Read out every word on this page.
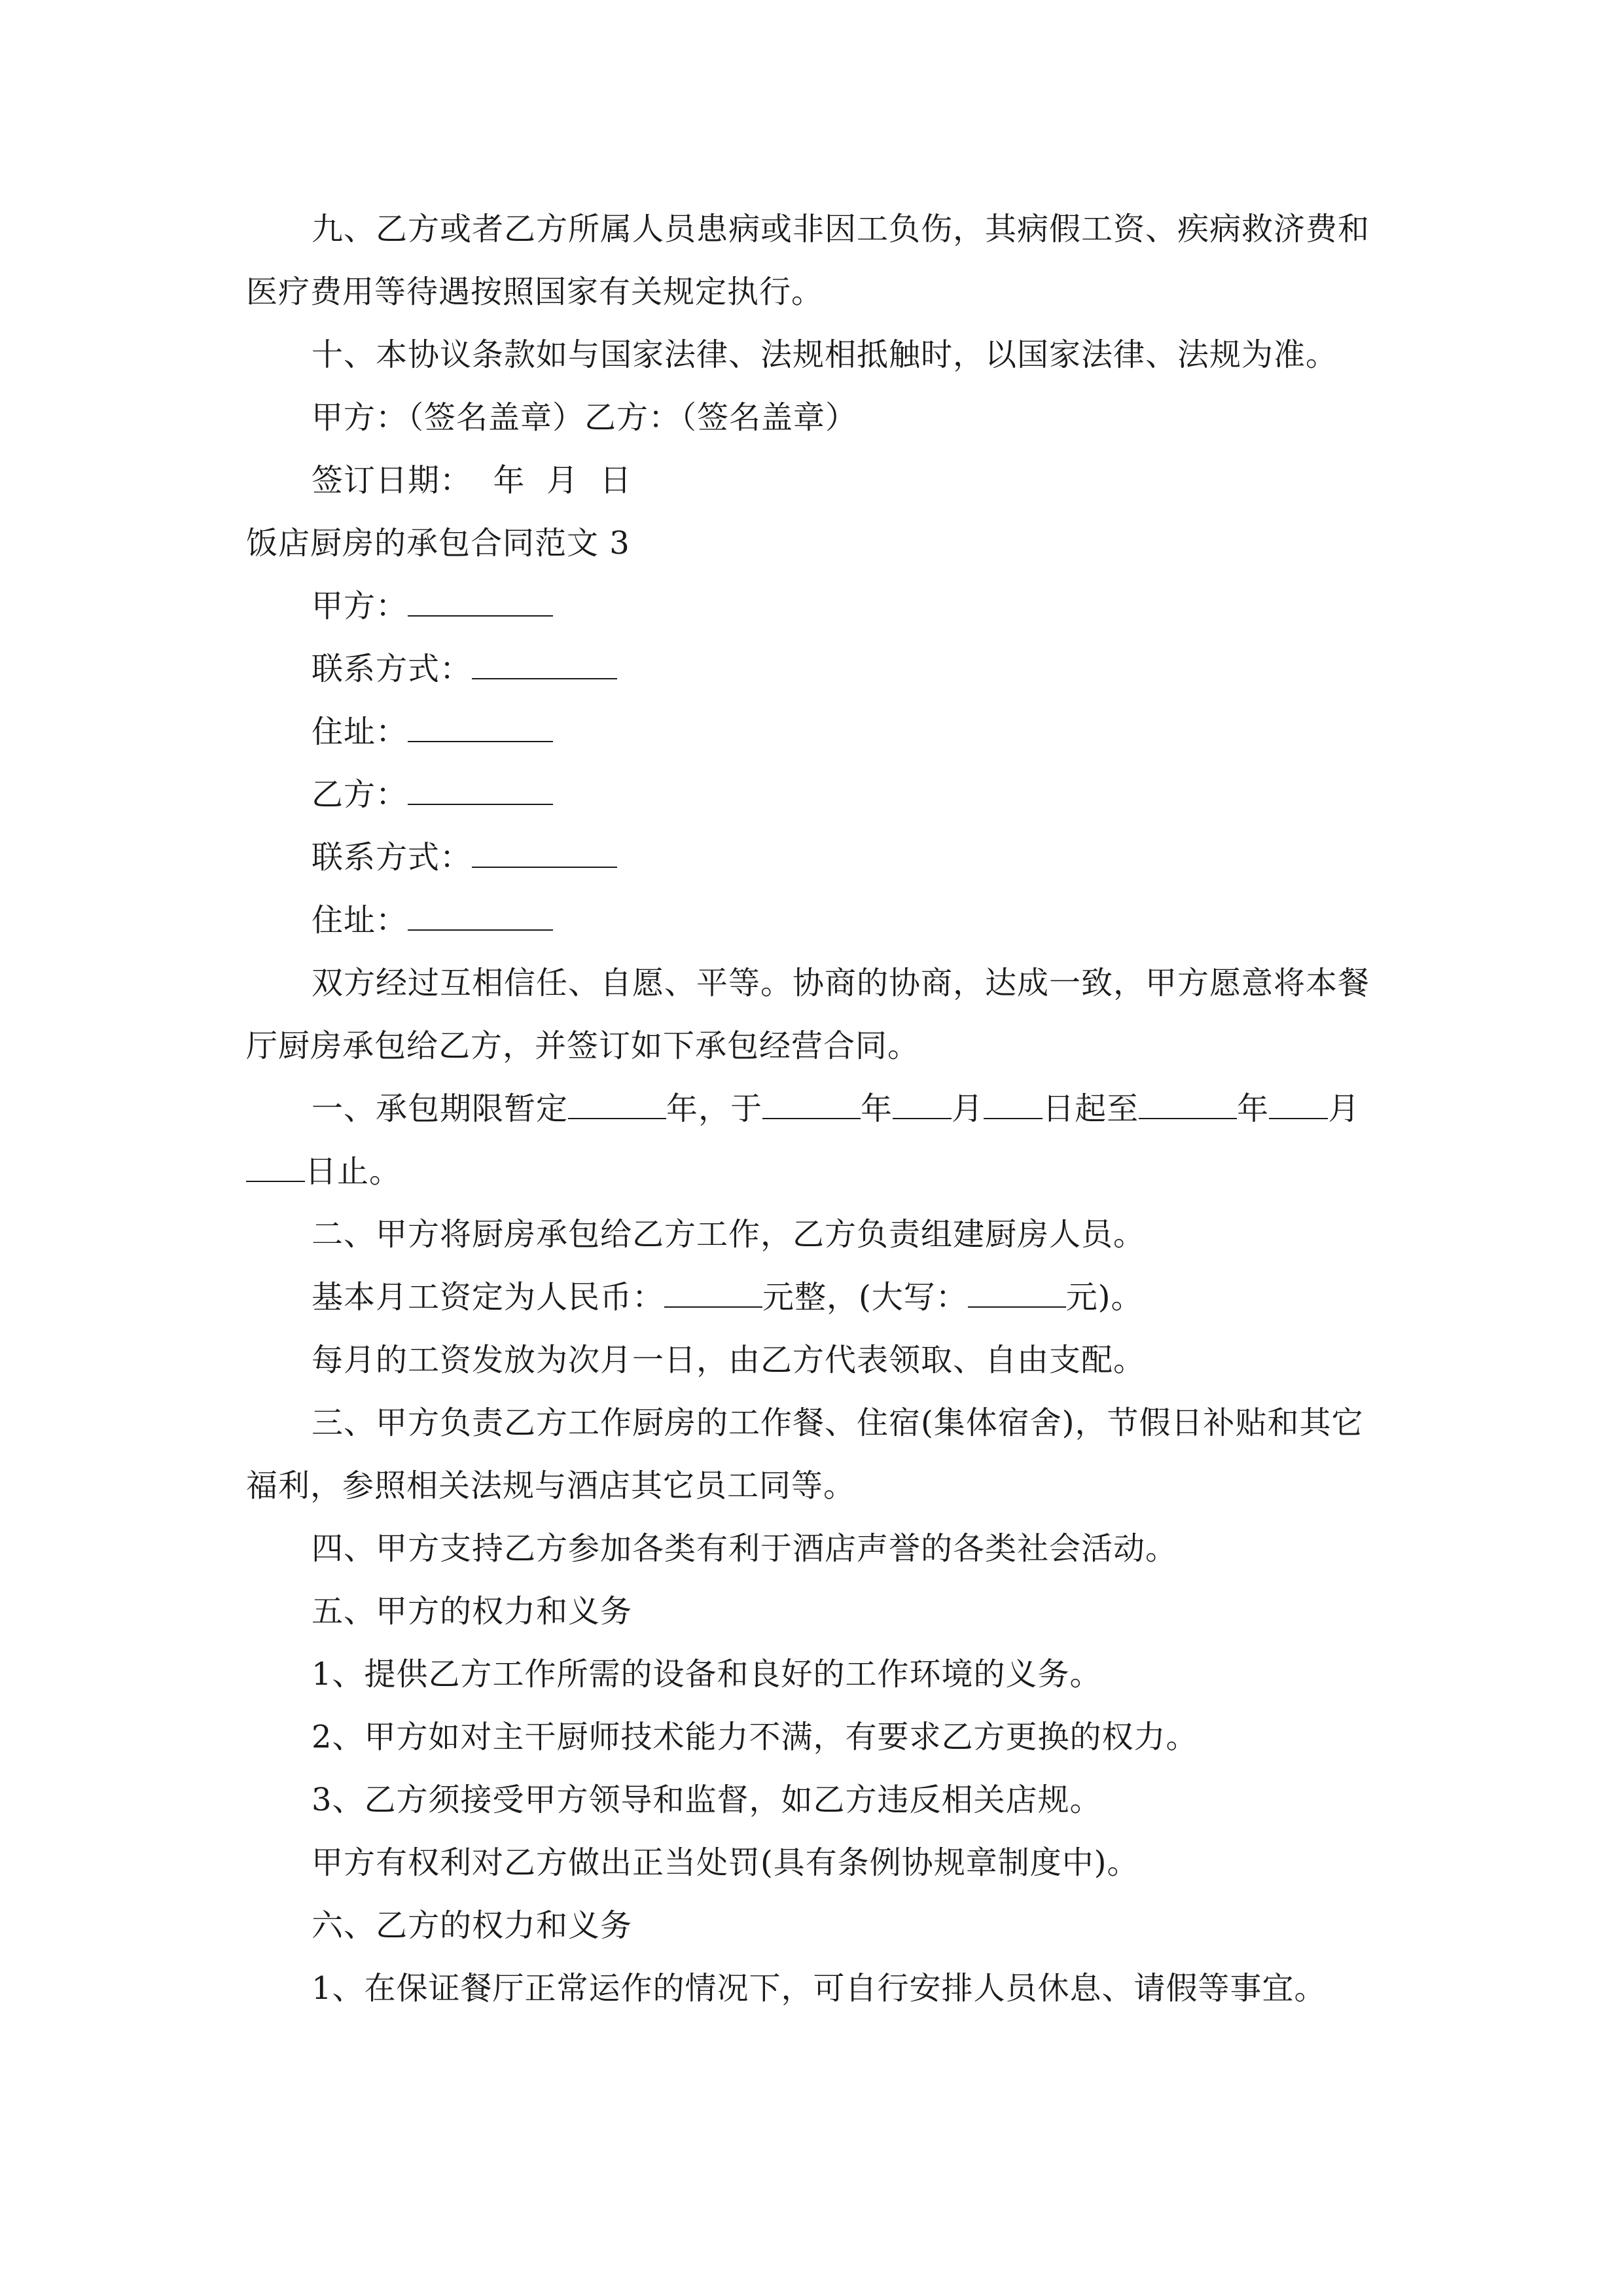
九、乙方或者乙方所属人员患病或非因工负伤，其病假工资、疾病救济费和

医疗费用等待遇按照国家有关规定执行。

十、本协议条款如与国家法律、法规相抵触时，以国家法律、法规为准。

甲方：（签名盖章）乙方：（签名盖章）

签订日期：  年  月  日

饭店厨房的承包合同范文 3

甲方：

联系方式：

住址：

乙方：

联系方式：

住址：

双方经过互相信任、自愿、平等。协商的协商，达成一致，甲方愿意将本餐

厅厨房承包给乙方，并签订如下承包经营合同。

一、承包期限暂定	年，于	年 月 日起至	年 月

日止。

二、甲方将厨房承包给乙方工作，乙方负责组建厨房人员。

基本月工资定为人民币：	元整，(大写：	元)。

每月的工资发放为次月一日，由乙方代表领取、自由支配。

三、甲方负责乙方工作厨房的工作餐、住宿(集体宿舍)，节假日补贴和其它

福利，参照相关法规与酒店其它员工同等。

四、甲方支持乙方参加各类有利于酒店声誉的各类社会活动。

五、甲方的权力和义务

1、提供乙方工作所需的设备和良好的工作环境的义务。

2、甲方如对主干厨师技术能力不满，有要求乙方更换的权力。

3、乙方须接受甲方领导和监督，如乙方违反相关店规。

甲方有权利对乙方做出正当处罚(具有条例协规章制度中)。

六、乙方的权力和义务

1、在保证餐厅正常运作的情况下，可自行安排人员休息、请假等事宜。
